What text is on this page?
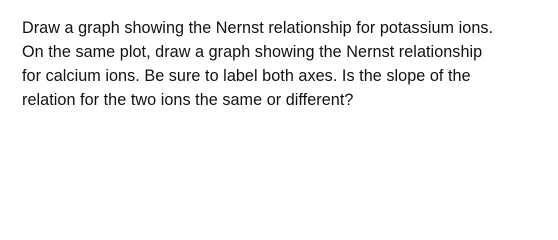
Draw a graph showing the Nernst relationship for potassium ions.
On the same plot, draw a graph showing the Nernst relationship
for calcium ions. Be sure to label both axes. Is the slope of the
relation for the two ions the same or different?
